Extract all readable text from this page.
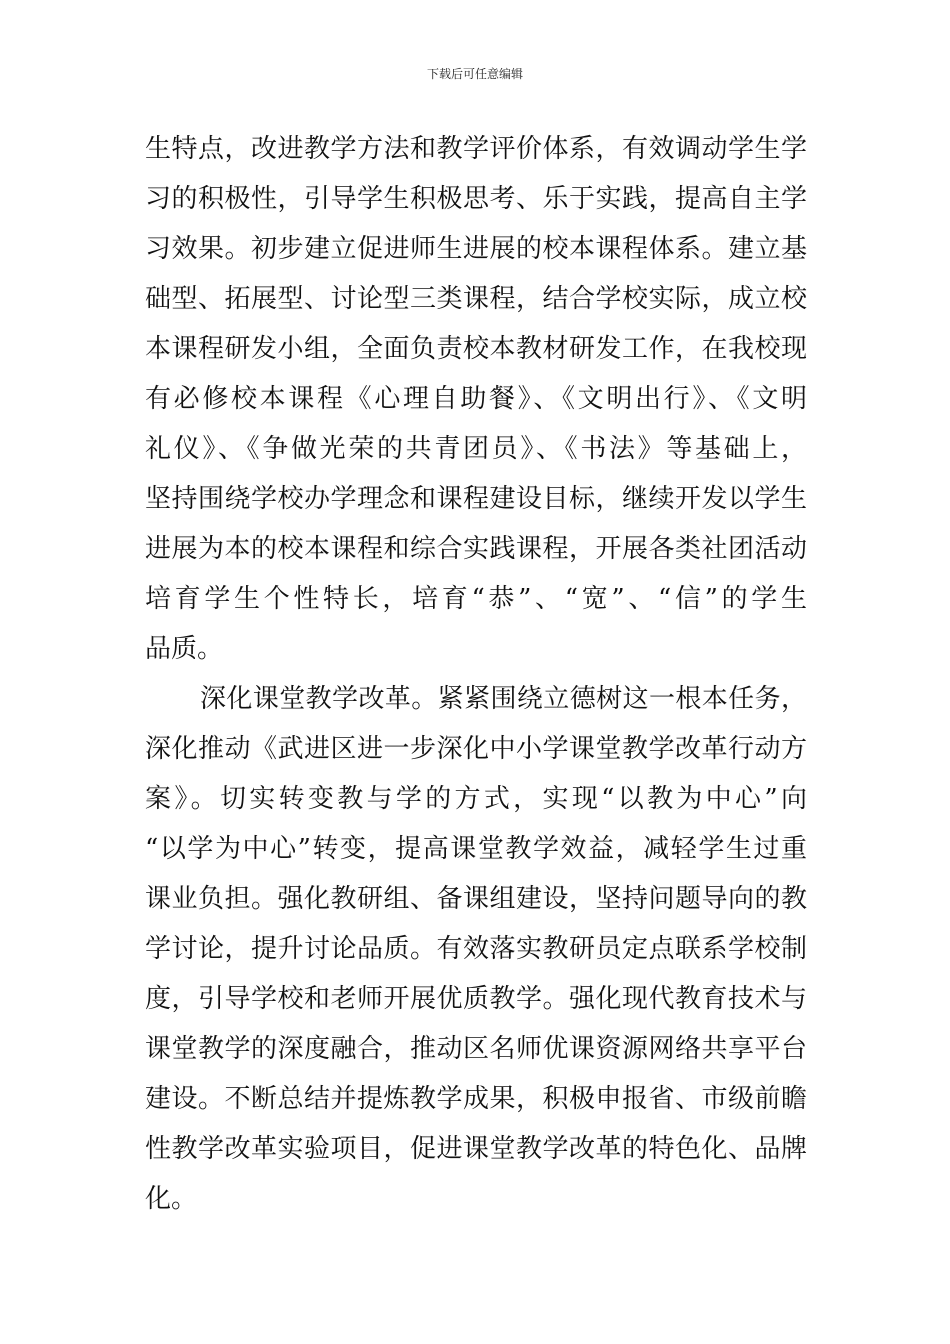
下载后可任意编辑
生特点，改进教学方法和教学评价体系，有效调动学生学
习的积极性，引导学生积极思考、乐于实践，提高自主学
习效果。初步建立促进师生进展的校本课程体系。建立基
础型、拓展型、讨论型三类课程，结合学校实际，成立校
本课程研发小组，全面负责校本教材研发工作，在我校现
有必修校本课程《心理自助餐》、《文明出行》、《文明
礼仪》、《争做光荣的共青团员》、《书法》等基础上，
坚持围绕学校办学理念和课程建设目标，继续开发以学生
进展为本的校本课程和综合实践课程，开展各类社团活动
培育学生个性特长，培育“恭”、“宽”、“信”的学生
品质。
深化课堂教学改革。紧紧围绕立德树这一根本任务，
深化推动《武进区进一步深化中小学课堂教学改革行动方
案》。切实转变教与学的方式，实现“以教为中心”向
“以学为中心”转变，提高课堂教学效益，减轻学生过重
课业负担。强化教研组、备课组建设，坚持问题导向的教
学讨论，提升讨论品质。有效落实教研员定点联系学校制
度，引导学校和老师开展优质教学。强化现代教育技术与
课堂教学的深度融合，推动区名师优课资源网络共享平台
建设。不断总结并提炼教学成果，积极申报省、市级前瞻
性教学改革实验项目，促进课堂教学改革的特色化、品牌
化。
